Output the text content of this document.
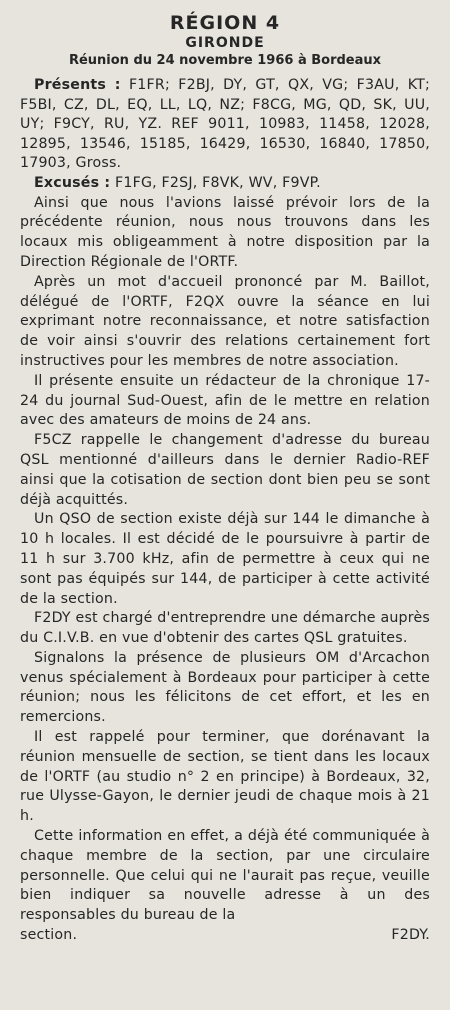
RÉGION 4
GIRONDE
Réunion du 24 novembre 1966 à Bordeaux

Présents : F1FR; F2BJ, DY, GT, QX, VG; F3AU, KT; F5BI, CZ, DL, EQ, LL, LQ, NZ; F8CG, MG, QD, SK, UU, UY; F9CY, RU, YZ. REF 9011, 10983, 11458, 12028, 12895, 13546, 15185, 16429, 16530, 16840, 17850, 17903, Gross.

Excusés : F1FG, F2SJ, F8VK, WV, F9VP.

Ainsi que nous l'avions laissé prévoir lors de la précédente réunion, nous nous trouvons dans les locaux mis obligeamment à notre disposition par la Direction Régionale de l'ORTF.

Après un mot d'accueil prononcé par M. Baillot, délégué de l'ORTF, F2QX ouvre la séance en lui exprimant notre reconnaissance, et notre satisfaction de voir ainsi s'ouvrir des relations certainement fort instructives pour les membres de notre association.

Il présente ensuite un rédacteur de la chronique 17-24 du journal Sud-Ouest, afin de le mettre en relation avec des amateurs de moins de 24 ans.

F5CZ rappelle le changement d'adresse du bureau QSL mentionné d'ailleurs dans le dernier Radio-REF ainsi que la cotisation de section dont bien peu se sont déjà acquittés.

Un QSO de section existe déjà sur 144 le dimanche à 10 h locales. Il est décidé de le poursuivre à partir de 11 h sur 3.700 kHz, afin de permettre à ceux qui ne sont pas équipés sur 144, de participer à cette activité de la section.

F2DY est chargé d'entreprendre une démarche auprès du C.I.V.B. en vue d'obtenir des cartes QSL gratuites.

Signalons la présence de plusieurs OM d'Arcachon venus spécialement à Bordeaux pour participer à cette réunion; nous les félicitons de cet effort, et les en remercions.

Il est rappelé pour terminer, que dorénavant la réunion mensuelle de section, se tient dans les locaux de l'ORTF (au studio n° 2 en principe) à Bordeaux, 32, rue Ulysse-Gayon, le dernier jeudi de chaque mois à 21 h.

Cette information en effet, a déjà été communiquée à chaque membre de la section, par une circulaire personnelle. Que celui qui ne l'aurait pas reçue, veuille bien indiquer sa nouvelle adresse à un des responsables du bureau de la

section.	F2DY.
